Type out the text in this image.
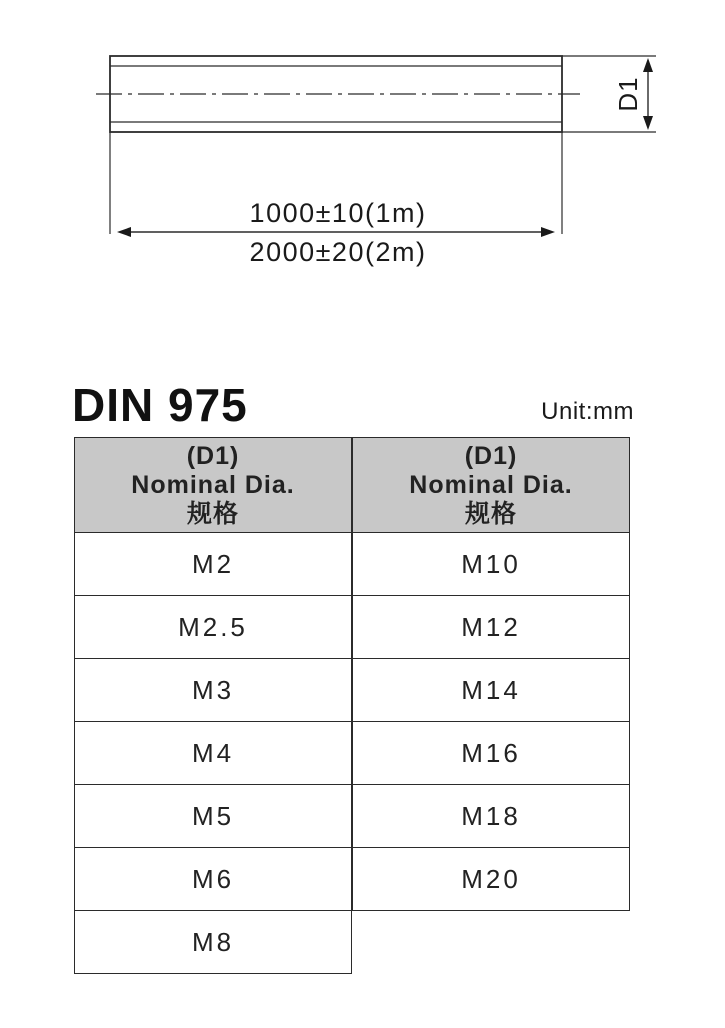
1000±10(1m)
2000±20(2m)
D1
DIN 975	Unit:mm
(D1)
Nominal Dia.
规格
M2
M2.5
M3
M4
M5
M6
M8
(D1)
Nominal Dia.
规格
M10
M12
M14
M16
M18
M20
